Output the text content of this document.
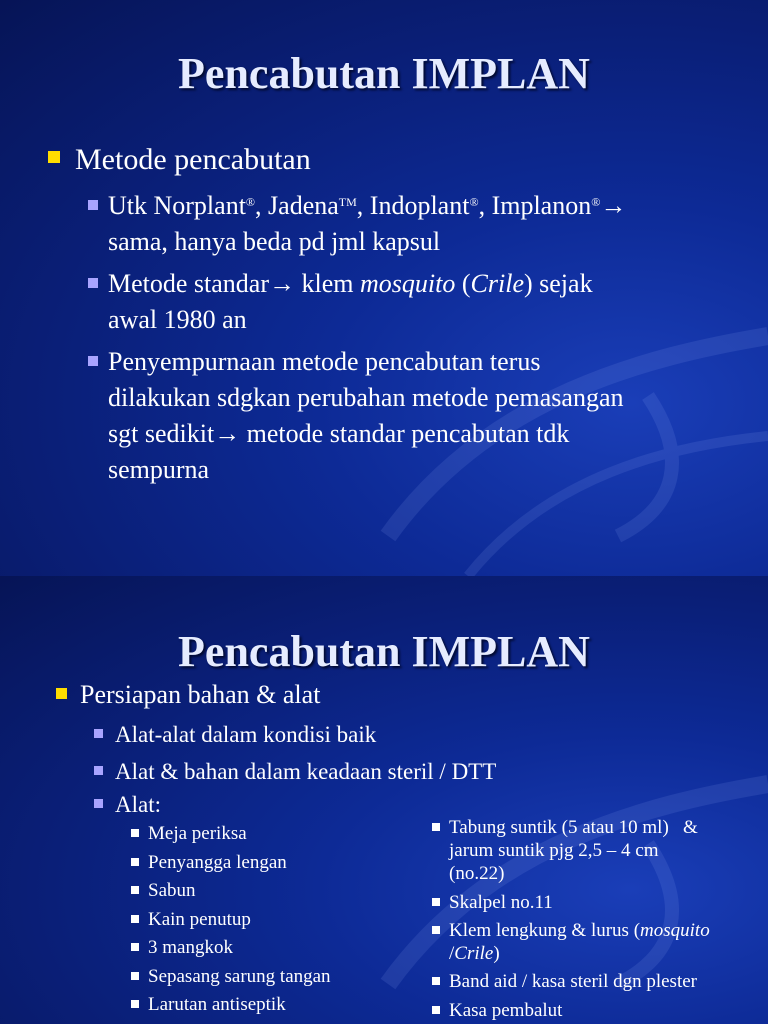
Pencabutan IMPLAN
Metode pencabutan
Utk Norplant®, Jadena™, Indoplant®, Implanon®→
sama, hanya beda pd jml kapsul
Metode standar→ klem mosquito (Crile) sejak
awal 1980 an
Penyempurnaan metode pencabutan terus
dilakukan sdgkan perubahan metode pemasangan
sgt sedikit→ metode standar pencabutan tdk
sempurna
Pencabutan IMPLAN
Persiapan bahan & alat
Alat-alat dalam kondisi baik
Alat & bahan dalam keadaan steril / DTT
Alat:
Meja periksa
Penyangga lengan
Sabun
Kain penutup
3 mangkok
Sepasang sarung tangan
Larutan antiseptik
Tabung suntik (5 atau 10 ml)   &
jarum suntik pjg 2,5 – 4 cm
(no.22)
Skalpel no.11
Klem lengkung & lurus (mosquito
/Crile)
Band aid / kasa steril dgn plester
Kasa pembalut
